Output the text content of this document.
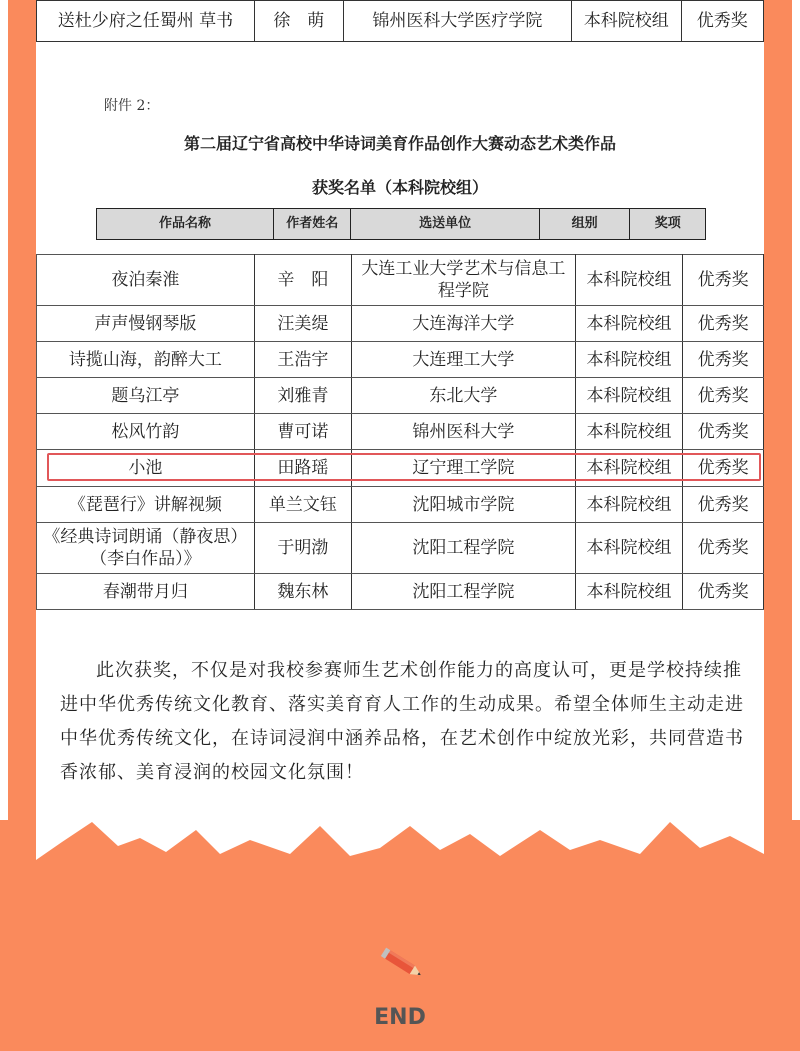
送杜少府之任蜀州 草书	徐　萌	锦州医科大学医疗学院	本科院校组	优秀奖
附件 2：
第二届辽宁省高校中华诗词美育作品创作大赛动态艺术类作品
获奖名单（本科院校组）
作品名称	作者姓名	选送单位	组别	奖项
夜泊秦淮	辛　阳	大连工业大学艺术与信息工程学院	本科院校组	优秀奖
声声慢钢琴版	汪美缇	大连海洋大学	本科院校组	优秀奖
诗揽山海，韵醉大工	王浩宇	大连理工大学	本科院校组	优秀奖
题乌江亭	刘雅青	东北大学	本科院校组	优秀奖
松风竹韵	曹可诺	锦州医科大学	本科院校组	优秀奖
小池	田路瑶	辽宁理工学院	本科院校组	优秀奖
《琵琶行》讲解视频	单兰文钰	沈阳城市学院	本科院校组	优秀奖
《经典诗词朗诵（静夜思）（李白作品）》	于明渤	沈阳工程学院	本科院校组	优秀奖
春潮带月归	魏东林	沈阳工程学院	本科院校组	优秀奖
此次获奖，不仅是对我校参赛师生艺术创作能力的高度认可，更是学校持续推进中华优秀传统文化教育、落实美育育人工作的生动成果。希望全体师生主动走进中华优秀传统文化，在诗词浸润中涵养品格，在艺术创作中绽放光彩，共同营造书香浓郁、美育浸润的校园文化氛围！
END
